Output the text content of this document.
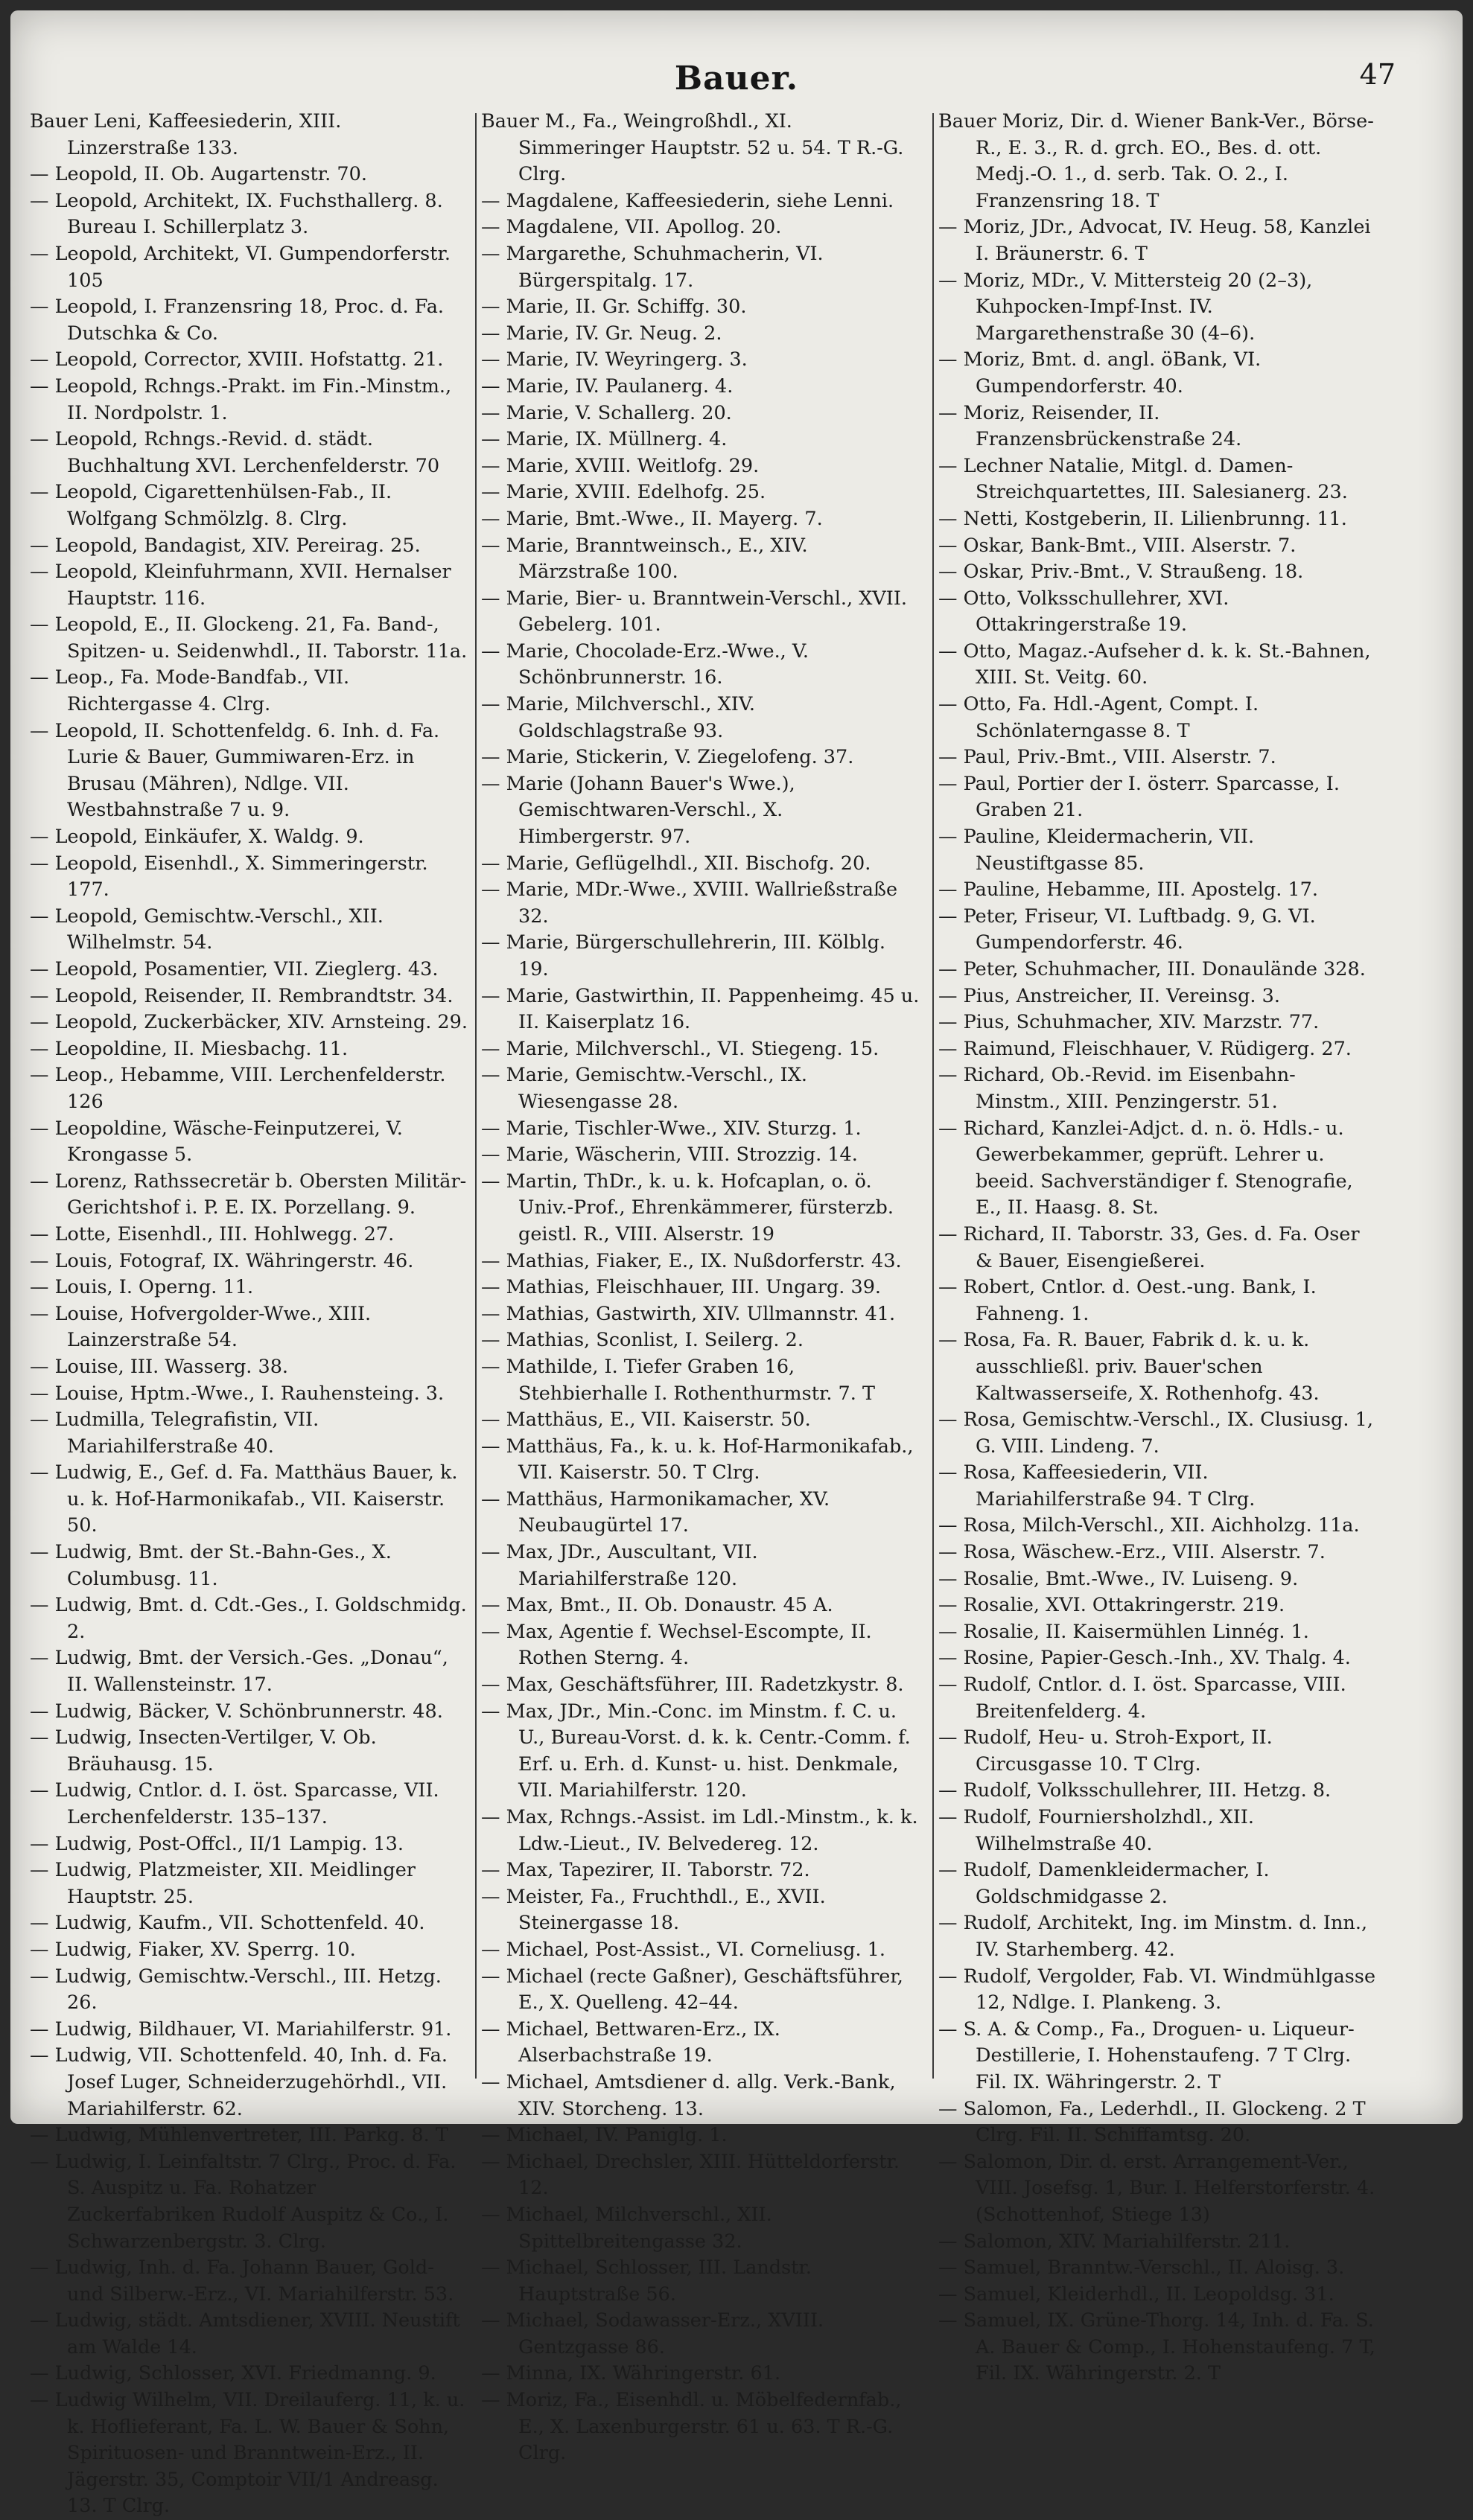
Bauer.	47
Bauer Leni, Kaffeesiederin, XIII. Linzerstraße 133.
— Leopold, II. Ob. Augartenstr. 70.
— Leopold, Architekt, IX. Fuchsthallerg. 8. Bureau I. Schillerplatz 3.
— Leopold, Architekt, VI. Gumpendorferstr. 105
— Leopold, I. Franzensring 18, Proc. d. Fa. Dutschka & Co.
— Leopold, Corrector, XVIII. Hofstattg. 21.
— Leopold, Rchngs.-Prakt. im Fin.-Minstm., II. Nordpolstr. 1.
— Leopold, Rchngs.-Revid. d. städt. Buchhaltung XVI. Lerchenfelderstr. 70
— Leopold, Cigarettenhülsen-Fab., II. Wolfgang Schmölzlg. 8. Clrg.
— Leopold, Bandagist, XIV. Pereirag. 25.
— Leopold, Kleinfuhrmann, XVII. Hernalser Hauptstr. 116.
— Leopold, E., II. Glockeng. 21, Fa. Band-, Spitzen- u. Seidenwhdl., II. Taborstr. 11a.
— Leop., Fa. Mode-Bandfab., VII. Richtergasse 4. Clrg.
— Leopold, II. Schottenfeldg. 6. Inh. d. Fa. Lurie & Bauer, Gummiwaren-Erz. in Brusau (Mähren), Ndlge. VII. Westbahnstraße 7 u. 9.
— Leopold, Einkäufer, X. Waldg. 9.
— Leopold, Eisenhdl., X. Simmeringerstr. 177.
— Leopold, Gemischtw.-Verschl., XII. Wilhelmstr. 54.
— Leopold, Posamentier, VII. Zieglerg. 43.
— Leopold, Reisender, II. Rembrandtstr. 34.
— Leopold, Zuckerbäcker, XIV. Arnsteing. 29.
— Leopoldine, II. Miesbachg. 11.
— Leop., Hebamme, VIII. Lerchenfelderstr. 126
— Leopoldine, Wäsche-Feinputzerei, V. Krongasse 5.
— Lorenz, Rathssecretär b. Obersten Militär-Gerichtshof i. P. E. IX. Porzellang. 9.
— Lotte, Eisenhdl., III. Hohlwegg. 27.
— Louis, Fotograf, IX. Währingerstr. 46.
— Louis, I. Operng. 11.
— Louise, Hofvergolder-Wwe., XIII. Lainzerstraße 54.
— Louise, III. Wasserg. 38.
— Louise, Hptm.-Wwe., I. Rauhensteing. 3.
— Ludmilla, Telegrafistin, VII. Mariahilferstraße 40.
— Ludwig, E., Gef. d. Fa. Matthäus Bauer, k. u. k. Hof-Harmonikafab., VII. Kaiserstr. 50.
— Ludwig, Bmt. der St.-Bahn-Ges., X. Columbusg. 11.
— Ludwig, Bmt. d. Cdt.-Ges., I. Goldschmidg. 2.
— Ludwig, Bmt. der Versich.-Ges. „Donau“, II. Wallensteinstr. 17.
— Ludwig, Bäcker, V. Schönbrunnerstr. 48.
— Ludwig, Insecten-Vertilger, V. Ob. Bräuhausg. 15.
— Ludwig, Cntlor. d. I. öst. Sparcasse, VII. Lerchenfelderstr. 135–137.
— Ludwig, Post-Offcl., II/1 Lampig. 13.
— Ludwig, Platzmeister, XII. Meidlinger Hauptstr. 25.
— Ludwig, Kaufm., VII. Schottenfeld. 40.
— Ludwig, Fiaker, XV. Sperrg. 10.
— Ludwig, Gemischtw.-Verschl., III. Hetzg. 26.
— Ludwig, Bildhauer, VI. Mariahilferstr. 91.
— Ludwig, VII. Schottenfeld. 40, Inh. d. Fa. Josef Luger, Schneiderzugehörhdl., VII. Mariahilferstr. 62.
— Ludwig, Mühlenvertreter, III. Parkg. 8. T
— Ludwig, I. Leinfaltstr. 7 Clrg., Proc. d. Fa. S. Auspitz u. Fa. Rohatzer Zuckerfabriken Rudolf Auspitz & Co., I. Schwarzenbergstr. 3. Clrg.
— Ludwig, Inh. d. Fa. Johann Bauer, Gold- und Silberw.-Erz., VI. Mariahilferstr. 53.
— Ludwig, städt. Amtsdiener, XVIII. Neustift am Walde 14.
— Ludwig, Schlosser, XVI. Friedmanng. 9.
— Ludwig Wilhelm, VII. Dreilauferg. 11, k. u. k. Hoflieferant, Fa. L. W. Bauer & Sohn, Spirituosen- und Branntwein-Erz., II. Jägerstr. 35, Comptoir VII/1 Andreasg. 13. T Clrg.
Bauer M., Fa., Weingroßhdl., XI. Simmeringer Hauptstr. 52 u. 54. T R.-G. Clrg.
— Magdalene, Kaffeesiederin, siehe Lenni.
— Magdalene, VII. Apollog. 20.
— Margarethe, Schuhmacherin, VI. Bürgerspitalg. 17.
— Marie, II. Gr. Schiffg. 30.
— Marie, IV. Gr. Neug. 2.
— Marie, IV. Weyringerg. 3.
— Marie, IV. Paulanerg. 4.
— Marie, V. Schallerg. 20.
— Marie, IX. Müllnerg. 4.
— Marie, XVIII. Weitlofg. 29.
— Marie, XVIII. Edelhofg. 25.
— Marie, Bmt.-Wwe., II. Mayerg. 7.
— Marie, Branntweinsch., E., XIV. Märzstraße 100.
— Marie, Bier- u. Branntwein-Verschl., XVII. Gebelerg. 101.
— Marie, Chocolade-Erz.-Wwe., V. Schönbrunnerstr. 16.
— Marie, Milchverschl., XIV. Goldschlagstraße 93.
— Marie, Stickerin, V. Ziegelofeng. 37.
— Marie (Johann Bauer's Wwe.), Gemischtwaren-Verschl., X. Himbergerstr. 97.
— Marie, Geflügelhdl., XII. Bischofg. 20.
— Marie, MDr.-Wwe., XVIII. Wallrießstraße 32.
— Marie, Bürgerschullehrerin, III. Kölblg. 19.
— Marie, Gastwirthin, II. Pappenheimg. 45 u. II. Kaiserplatz 16.
— Marie, Milchverschl., VI. Stiegeng. 15.
— Marie, Gemischtw.-Verschl., IX. Wiesengasse 28.
— Marie, Tischler-Wwe., XIV. Sturzg. 1.
— Marie, Wäscherin, VIII. Strozzig. 14.
— Martin, ThDr., k. u. k. Hofcaplan, o. ö. Univ.-Prof., Ehrenkämmerer, fürsterzb. geistl. R., VIII. Alserstr. 19
— Mathias, Fiaker, E., IX. Nußdorferstr. 43.
— Mathias, Fleischhauer, III. Ungarg. 39.
— Mathias, Gastwirth, XIV. Ullmannstr. 41.
— Mathias, Sconlist, I. Seilerg. 2.
— Mathilde, I. Tiefer Graben 16, Stehbierhalle I. Rothenthurmstr. 7. T
— Matthäus, E., VII. Kaiserstr. 50.
— Matthäus, Fa., k. u. k. Hof-Harmonikafab., VII. Kaiserstr. 50. T Clrg.
— Matthäus, Harmonikamacher, XV. Neubaugürtel 17.
— Max, JDr., Auscultant, VII. Mariahilferstraße 120.
— Max, Bmt., II. Ob. Donaustr. 45 A.
— Max, Agentie f. Wechsel-Escompte, II. Rothen Sterng. 4.
— Max, Geschäftsführer, III. Radetzkystr. 8.
— Max, JDr., Min.-Conc. im Minstm. f. C. u. U., Bureau-Vorst. d. k. k. Centr.-Comm. f. Erf. u. Erh. d. Kunst- u. hist. Denkmale, VII. Mariahilferstr. 120.
— Max, Rchngs.-Assist. im Ldl.-Minstm., k. k. Ldw.-Lieut., IV. Belvedereg. 12.
— Max, Tapezirer, II. Taborstr. 72.
— Meister, Fa., Fruchthdl., E., XVII. Steinergasse 18.
— Michael, Post-Assist., VI. Corneliusg. 1.
— Michael (recte Gaßner), Geschäftsführer, E., X. Quelleng. 42–44.
— Michael, Bettwaren-Erz., IX. Alserbachstraße 19.
— Michael, Amtsdiener d. allg. Verk.-Bank, XIV. Storcheng. 13.
— Michael, IV. Paniglg. 1.
— Michael, Drechsler, XIII. Hütteldorferstr. 12.
— Michael, Milchverschl., XII. Spittelbreitengasse 32.
— Michael, Schlosser, III. Landstr. Hauptstraße 56.
— Michael, Sodawasser-Erz., XVIII. Gentzgasse 86.
— Minna, IX. Währingerstr. 61.
— Moriz, Fa., Eisenhdl. u. Möbelfedernfab., E., X. Laxenburgerstr. 61 u. 63. T R.-G. Clrg.
Bauer Moriz, Dir. d. Wiener Bank-Ver., Börse-R., E. 3., R. d. grch. EO., Bes. d. ott. Medj.-O. 1., d. serb. Tak. O. 2., I. Franzensring 18. T
— Moriz, JDr., Advocat, IV. Heug. 58, Kanzlei I. Bräunerstr. 6. T
— Moriz, MDr., V. Mittersteig 20 (2–3), Kuhpocken-Impf-Inst. IV. Margarethenstraße 30 (4–6).
— Moriz, Bmt. d. angl. öBank, VI. Gumpendorferstr. 40.
— Moriz, Reisender, II. Franzensbrückenstraße 24.
— Lechner Natalie, Mitgl. d. Damen-Streichquartettes, III. Salesianerg. 23.
— Netti, Kostgeberin, II. Lilienbrunng. 11.
— Oskar, Bank-Bmt., VIII. Alserstr. 7.
— Oskar, Priv.-Bmt., V. Straußeng. 18.
— Otto, Volksschullehrer, XVI. Ottakringerstraße 19.
— Otto, Magaz.-Aufseher d. k. k. St.-Bahnen, XIII. St. Veitg. 60.
— Otto, Fa. Hdl.-Agent, Compt. I. Schönlaterngasse 8. T
— Paul, Priv.-Bmt., VIII. Alserstr. 7.
— Paul, Portier der I. österr. Sparcasse, I. Graben 21.
— Pauline, Kleidermacherin, VII. Neustiftgasse 85.
— Pauline, Hebamme, III. Apostelg. 17.
— Peter, Friseur, VI. Luftbadg. 9, G. VI. Gumpendorferstr. 46.
— Peter, Schuhmacher, III. Donaulände 328.
— Pius, Anstreicher, II. Vereinsg. 3.
— Pius, Schuhmacher, XIV. Marzstr. 77.
— Raimund, Fleischhauer, V. Rüdigerg. 27.
— Richard, Ob.-Revid. im Eisenbahn-Minstm., XIII. Penzingerstr. 51.
— Richard, Kanzlei-Adjct. d. n. ö. Hdls.- u. Gewerbekammer, geprüft. Lehrer u. beeid. Sachverständiger f. Stenografie, E., II. Haasg. 8. St.
— Richard, II. Taborstr. 33, Ges. d. Fa. Oser & Bauer, Eisengießerei.
— Robert, Cntlor. d. Oest.-ung. Bank, I. Fahneng. 1.
— Rosa, Fa. R. Bauer, Fabrik d. k. u. k. ausschließl. priv. Bauer'schen Kaltwasserseife, X. Rothenhofg. 43.
— Rosa, Gemischtw.-Verschl., IX. Clusiusg. 1, G. VIII. Lindeng. 7.
— Rosa, Kaffeesiederin, VII. Mariahilferstraße 94. T Clrg.
— Rosa, Milch-Verschl., XII. Aichholzg. 11a.
— Rosa, Wäschew.-Erz., VIII. Alserstr. 7.
— Rosalie, Bmt.-Wwe., IV. Luiseng. 9.
— Rosalie, XVI. Ottakringerstr. 219.
— Rosalie, II. Kaisermühlen Linnég. 1.
— Rosine, Papier-Gesch.-Inh., XV. Thalg. 4.
— Rudolf, Cntlor. d. I. öst. Sparcasse, VIII. Breitenfelderg. 4.
— Rudolf, Heu- u. Stroh-Export, II. Circusgasse 10. T Clrg.
— Rudolf, Volksschullehrer, III. Hetzg. 8.
— Rudolf, Fourniersholzhdl., XII. Wilhelmstraße 40.
— Rudolf, Damenkleidermacher, I. Goldschmidgasse 2.
— Rudolf, Architekt, Ing. im Minstm. d. Inn., IV. Starhemberg. 42.
— Rudolf, Vergolder, Fab. VI. Windmühlgasse 12, Ndlge. I. Plankeng. 3.
— S. A. & Comp., Fa., Droguen- u. Liqueur-Destillerie, I. Hohenstaufeng. 7 T Clrg. Fil. IX. Währingerstr. 2. T
— Salomon, Fa., Lederhdl., II. Glockeng. 2 T Clrg. Fil. II. Schiffamtsg. 20.
— Salomon, Dir. d. erst. Arrangement-Ver., VIII. Josefsg. 1, Bur. I. Helferstorferstr. 4. (Schottenhof, Stiege 13)
— Salomon, XIV. Mariahilferstr. 211.
— Samuel, Branntw.-Verschl., II. Aloisg. 3.
— Samuel, Kleiderhdl., II. Leopoldsg. 31.
— Samuel, IX. Grüne-Thorg. 14, Inh. d. Fa. S. A. Bauer & Comp., I. Hohenstaufeng. 7 T, Fil. IX. Währingerstr. 2. T
